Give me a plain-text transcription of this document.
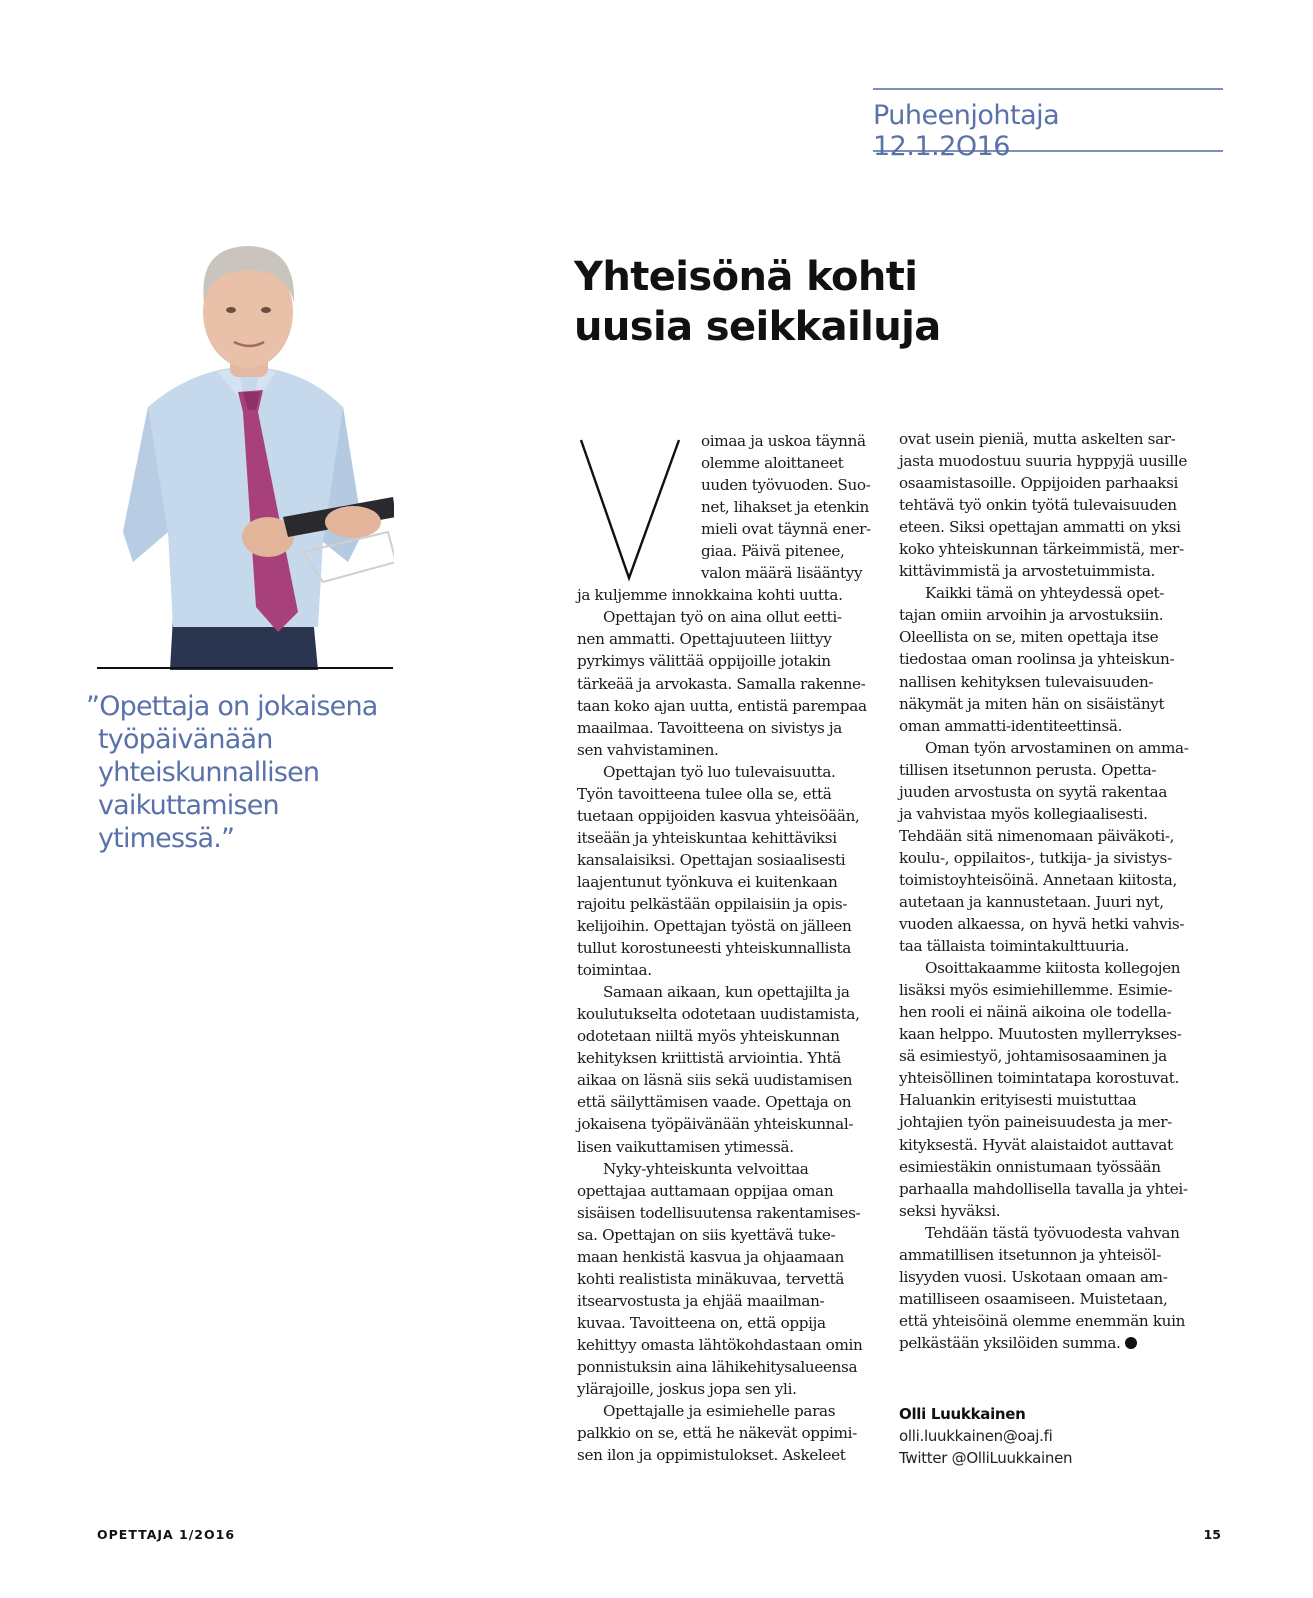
Puheenjohtaja 12.1.2O16
Yhteisönä kohti
uusia seikkailuja
”Opettaja on jokaisena
työpäivänään
yhteiskunnallisen
vaikuttamisen
ytimessä.”
oimaa ja uskoa täynnä
olemme aloittaneet
uuden työvuoden. Suo-
net, lihakset ja etenkin
mieli ovat täynnä ener-
giaa. Päivä pitenee,
valon määrä lisääntyy
ja kuljemme innokkaina kohti uutta.
Opettajan työ on aina ollut eetti-
nen ammatti. Opettajuuteen liittyy
pyrkimys välittää oppijoille jotakin
tärkeää ja arvokasta. Samalla rakenne-
taan koko ajan uutta, entistä parempaa
maailmaa. Tavoitteena on sivistys ja
sen vahvistaminen.
Opettajan työ luo tulevaisuutta.
Työn tavoitteena tulee olla se, että
tuetaan oppijoiden kasvua yhteisöään,
itseään ja yhteiskuntaa kehittäviksi
kansalaisiksi. Opettajan sosiaalisesti
laajentunut työnkuva ei kuitenkaan
rajoitu pelkästään oppilaisiin ja opis-
kelijoihin. Opettajan työstä on jälleen
tullut korostuneesti yhteiskunnallista
toimintaa.
Samaan aikaan, kun opettajilta ja
koulutukselta odotetaan uudistamista,
odotetaan niiltä myös yhteiskunnan
kehityksen kriittistä arviointia. Yhtä
aikaa on läsnä siis sekä uudistamisen
että säilyttämisen vaade. Opettaja on
jokaisena työpäivänään yhteiskunnal-
lisen vaikuttamisen ytimessä.
Nyky-yhteiskunta velvoittaa
opettajaa auttamaan oppijaa oman
sisäisen todellisuutensa rakentamises-
sa. Opettajan on siis kyettävä tuke-
maan henkistä kasvua ja ohjaamaan
kohti realistista minäkuvaa, tervettä
itsearvostusta ja ehjää maailman-
kuvaa. Tavoitteena on, että oppija
kehittyy omasta lähtökohdastaan omin
ponnistuksin aina lähikehitysalueensa
ylärajoille, joskus jopa sen yli.
Opettajalle ja esimiehelle paras
palkkio on se, että he näkevät oppimi-
sen ilon ja oppimistulokset. Askeleet
ovat usein pieniä, mutta askelten sar-
jasta muodostuu suuria hyppyjä uusille
osaamistasoille. Oppijoiden parhaaksi
tehtävä työ onkin työtä tulevaisuuden
eteen. Siksi opettajan ammatti on yksi
koko yhteiskunnan tärkeimmistä, mer-
kittävimmistä ja arvostetuimmista.
Kaikki tämä on yhteydessä opet-
tajan omiin arvoihin ja arvostuksiin.
Oleellista on se, miten opettaja itse
tiedostaa oman roolinsa ja yhteiskun-
nallisen kehityksen tulevaisuuden-
näkymät ja miten hän on sisäistänyt
oman ammatti-identiteettinsä.
Oman työn arvostaminen on amma-
tillisen itsetunnon perusta. Opetta-
juuden arvostusta on syytä rakentaa
ja vahvistaa myös kollegiaalisesti.
Tehdään sitä nimenomaan päiväkoti-,
koulu-, oppilaitos-, tutkija- ja sivistys-
toimistoyhteisöinä. Annetaan kiitosta,
autetaan ja kannustetaan. Juuri nyt,
vuoden alkaessa, on hyvä hetki vahvis-
taa tällaista toimintakulttuuria.
Osoittakaamme kiitosta kollegojen
lisäksi myös esimiehillemme. Esimie-
hen rooli ei näinä aikoina ole todella-
kaan helppo. Muutosten myllerrykses-
sä esimiestyö, johtamisosaaminen ja
yhteisöllinen toimintatapa korostuvat.
Haluankin erityisesti muistuttaa
johtajien työn paineisuudesta ja mer-
kityksestä. Hyvät alaistaidot auttavat
esimiestäkin onnistumaan työssään
parhaalla mahdollisella tavalla ja yhtei-
seksi hyväksi.
Tehdään tästä työvuodesta vahvan
ammatillisen itsetunnon ja yhteisöl-
lisyyden vuosi. Uskotaan omaan am-
matilliseen osaamiseen. Muistetaan,
että yhteisöinä olemme enemmän kuin
pelkästään yksilöiden summa.
Olli Luukkainen
olli.luukkainen@oaj.fi
Twitter @OlliLuukkainen
OPETTAJA 1/2O16	15
